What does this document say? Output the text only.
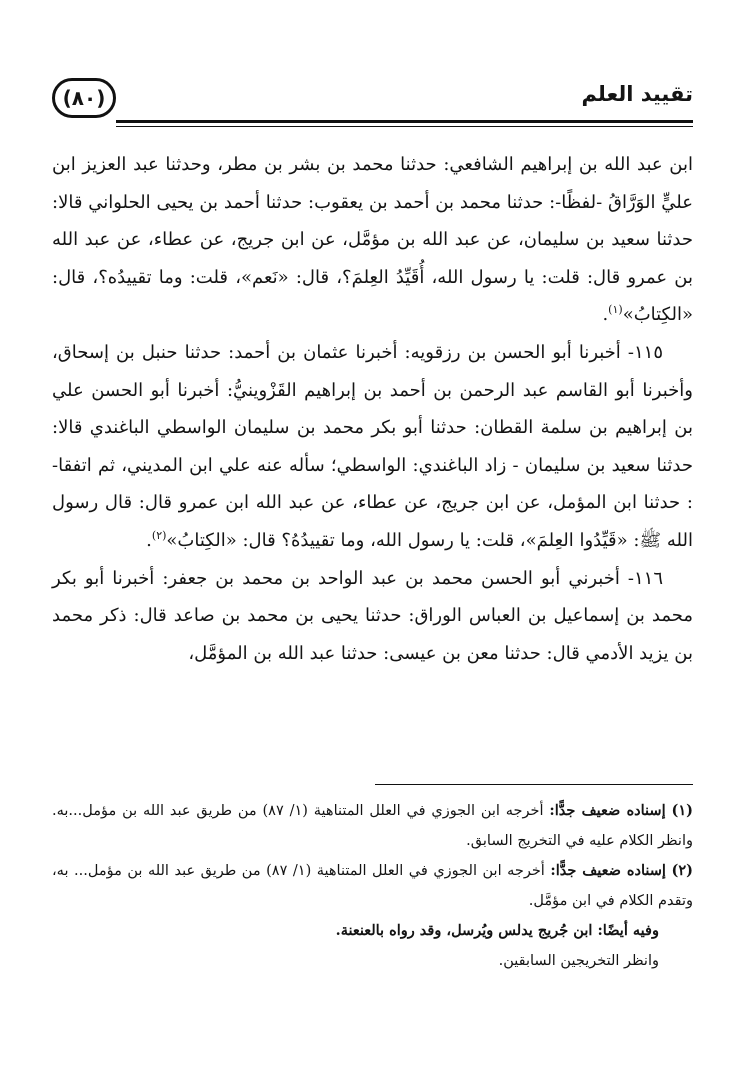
(٨٠)	تقييد العلم

ابن عبد الله بن إبراهيم الشافعي: حدثنا محمد بن بشر بن مطر، وحدثنا عبد العزيز ابن عليٍّ الوَرَّاقُ -لفظًا-: حدثنا محمد بن أحمد بن يعقوب: حدثنا أحمد بن يحيى الحلواني قالا: حدثنا سعيد بن سليمان، عن عبد الله بن مؤمَّل، عن ابن جريج، عن عطاء، عن عبد الله بن عمرو قال: قلت: يا رسول الله، أُقَيِّدُ العِلمَ؟، قال: «نَعم»، قلت: وما تقييدُه؟، قال: «الكِتابُ»$^{(١)}$.

١١٥- أخبرنا أبو الحسن بن رزقويه: أخبرنا عثمان بن أحمد: حدثنا حنبل بن إسحاق، وأخبرنا أبو القاسم عبد الرحمن بن أحمد بن إبراهيم القَزْوينيُّ: أخبرنا أبو الحسن علي بن إبراهيم بن سلمة القطان: حدثنا أبو بكر محمد بن سليمان الواسطي الباغندي قالا: حدثنا سعيد بن سليمان - زاد الباغندي: الواسطي؛ سأله عنه علي ابن المديني، ثم اتفقا- : حدثنا ابن المؤمل، عن ابن جريج، عن عطاء، عن عبد الله ابن عمرو قال: قال رسول الله ﷺ: «قَيِّدُوا العِلمَ»، قلت: يا رسول الله، وما تقييدُهُ؟ قال: «الكِتابُ»$^{(٢)}$.

١١٦- أخبرني أبو الحسن محمد بن عبد الواحد بن محمد بن جعفر: أخبرنا أبو بكر محمد بن إسماعيل بن العباس الوراق: حدثنا يحيى بن محمد بن صاعد قال: ذكر محمد بن يزيد الأدمي قال: حدثنا معن بن عيسى: حدثنا عبد الله بن المؤمَّل،

(١) إسناده ضعيف جدًّا: أخرجه ابن الجوزي في العلل المتناهية (١/ ٨٧) من طريق عبد الله بن مؤمل...به. وانظر الكلام عليه في التخريج السابق.

(٢) إسناده ضعيف جدًّا: أخرجه ابن الجوزي في العلل المتناهية (١/ ٨٧) من طريق عبد الله بن مؤمل... به، وتقدم الكلام في ابن مؤمَّل.

وفيه أيضًا: ابن جُريج يدلس ويُرسل، وقد رواه بالعنعنة.

وانظر التخريجين السابقين.
